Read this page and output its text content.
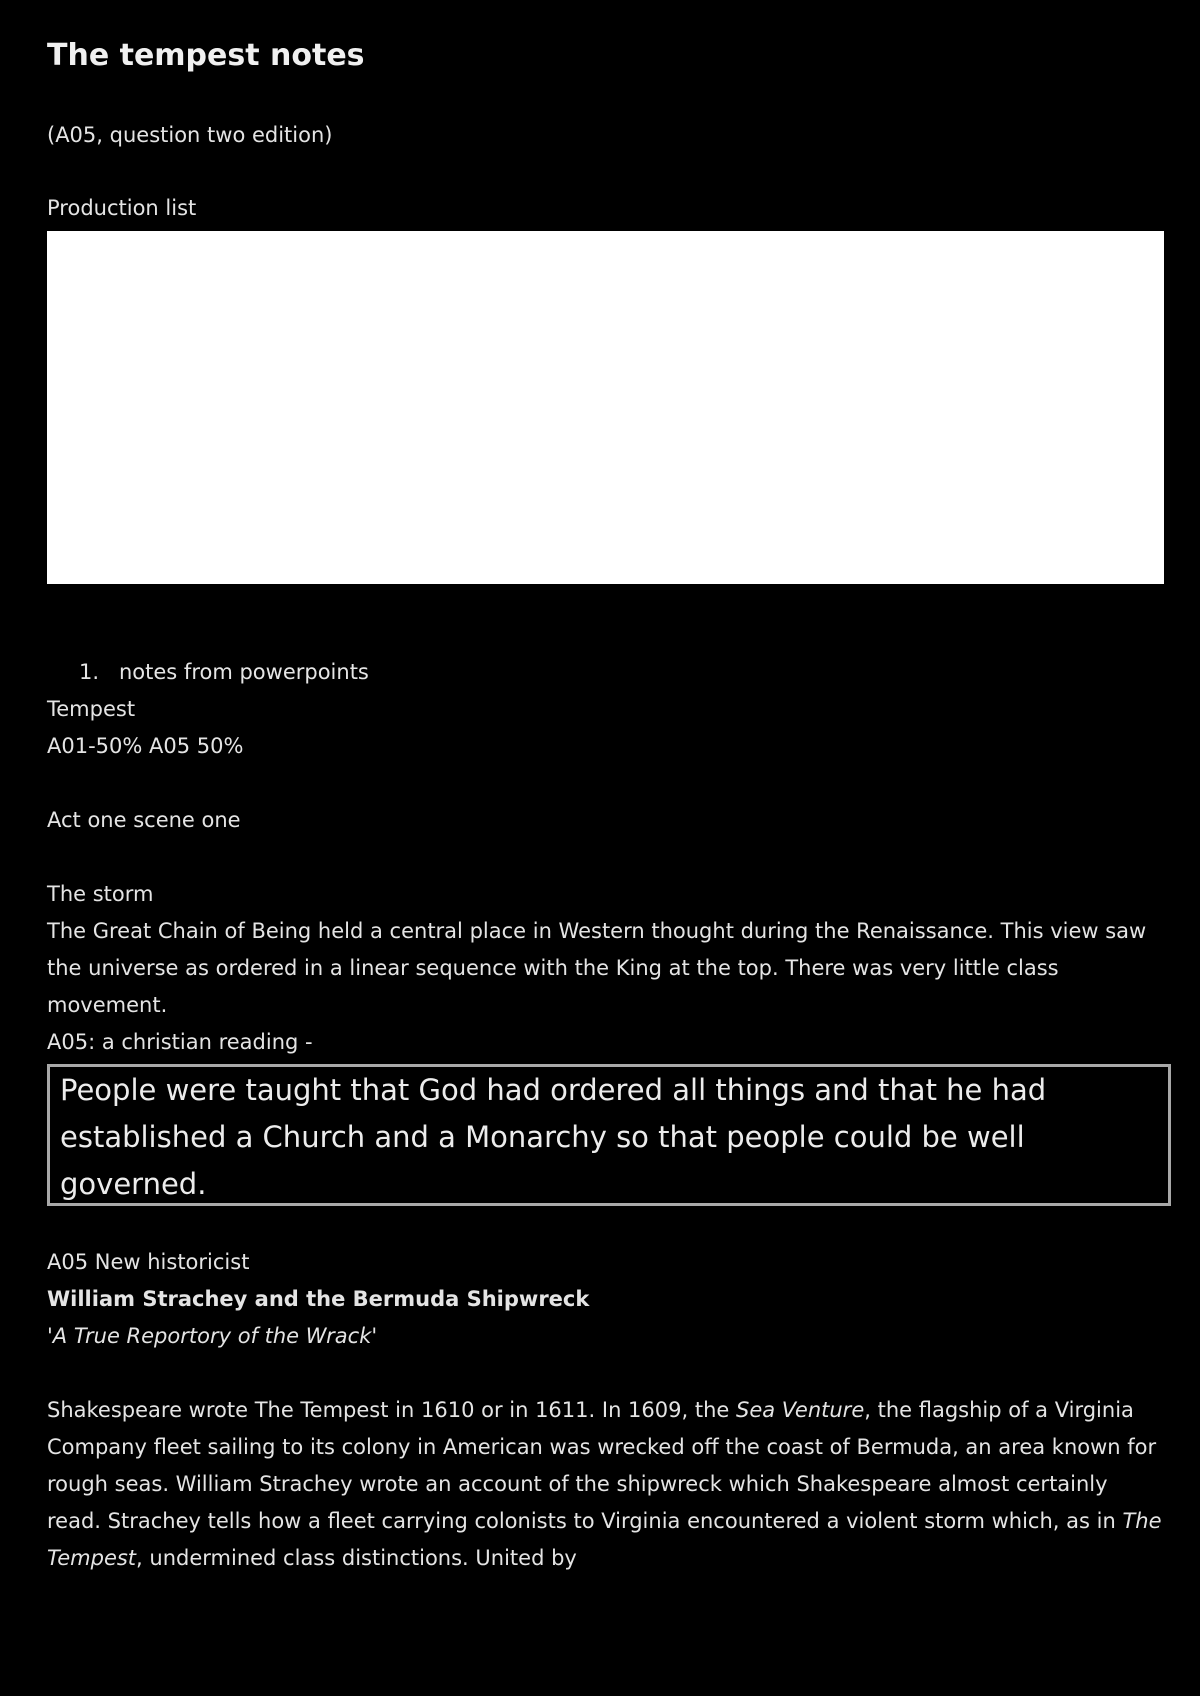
The tempest notes
(A05, question two edition)
Production list
1. notes from powerpoints
Tempest
A01-50% A05 50%
Act one scene one
The storm
The Great Chain of Being held a central place in Western thought during the Renaissance. This view saw the universe as ordered in a linear sequence with the King at the top. There was very little class movement.
A05: a christian reading -
People were taught that God had ordered all things and that he had established a Church and a Monarchy so that people could be well governed.
A05 New historicist
William Strachey and the Bermuda Shipwreck
'A True Reportory of the Wrack'
Shakespeare wrote The Tempest in 1610 or in 1611. In 1609, the Sea Venture, the flagship of a Virginia Company fleet sailing to its colony in American was wrecked off the coast of Bermuda, an area known for rough seas. William Strachey wrote an account of the shipwreck which Shakespeare almost certainly read. Strachey tells how a fleet carrying colonists to Virginia encountered a violent storm which, as in The Tempest, undermined class distinctions. United by
